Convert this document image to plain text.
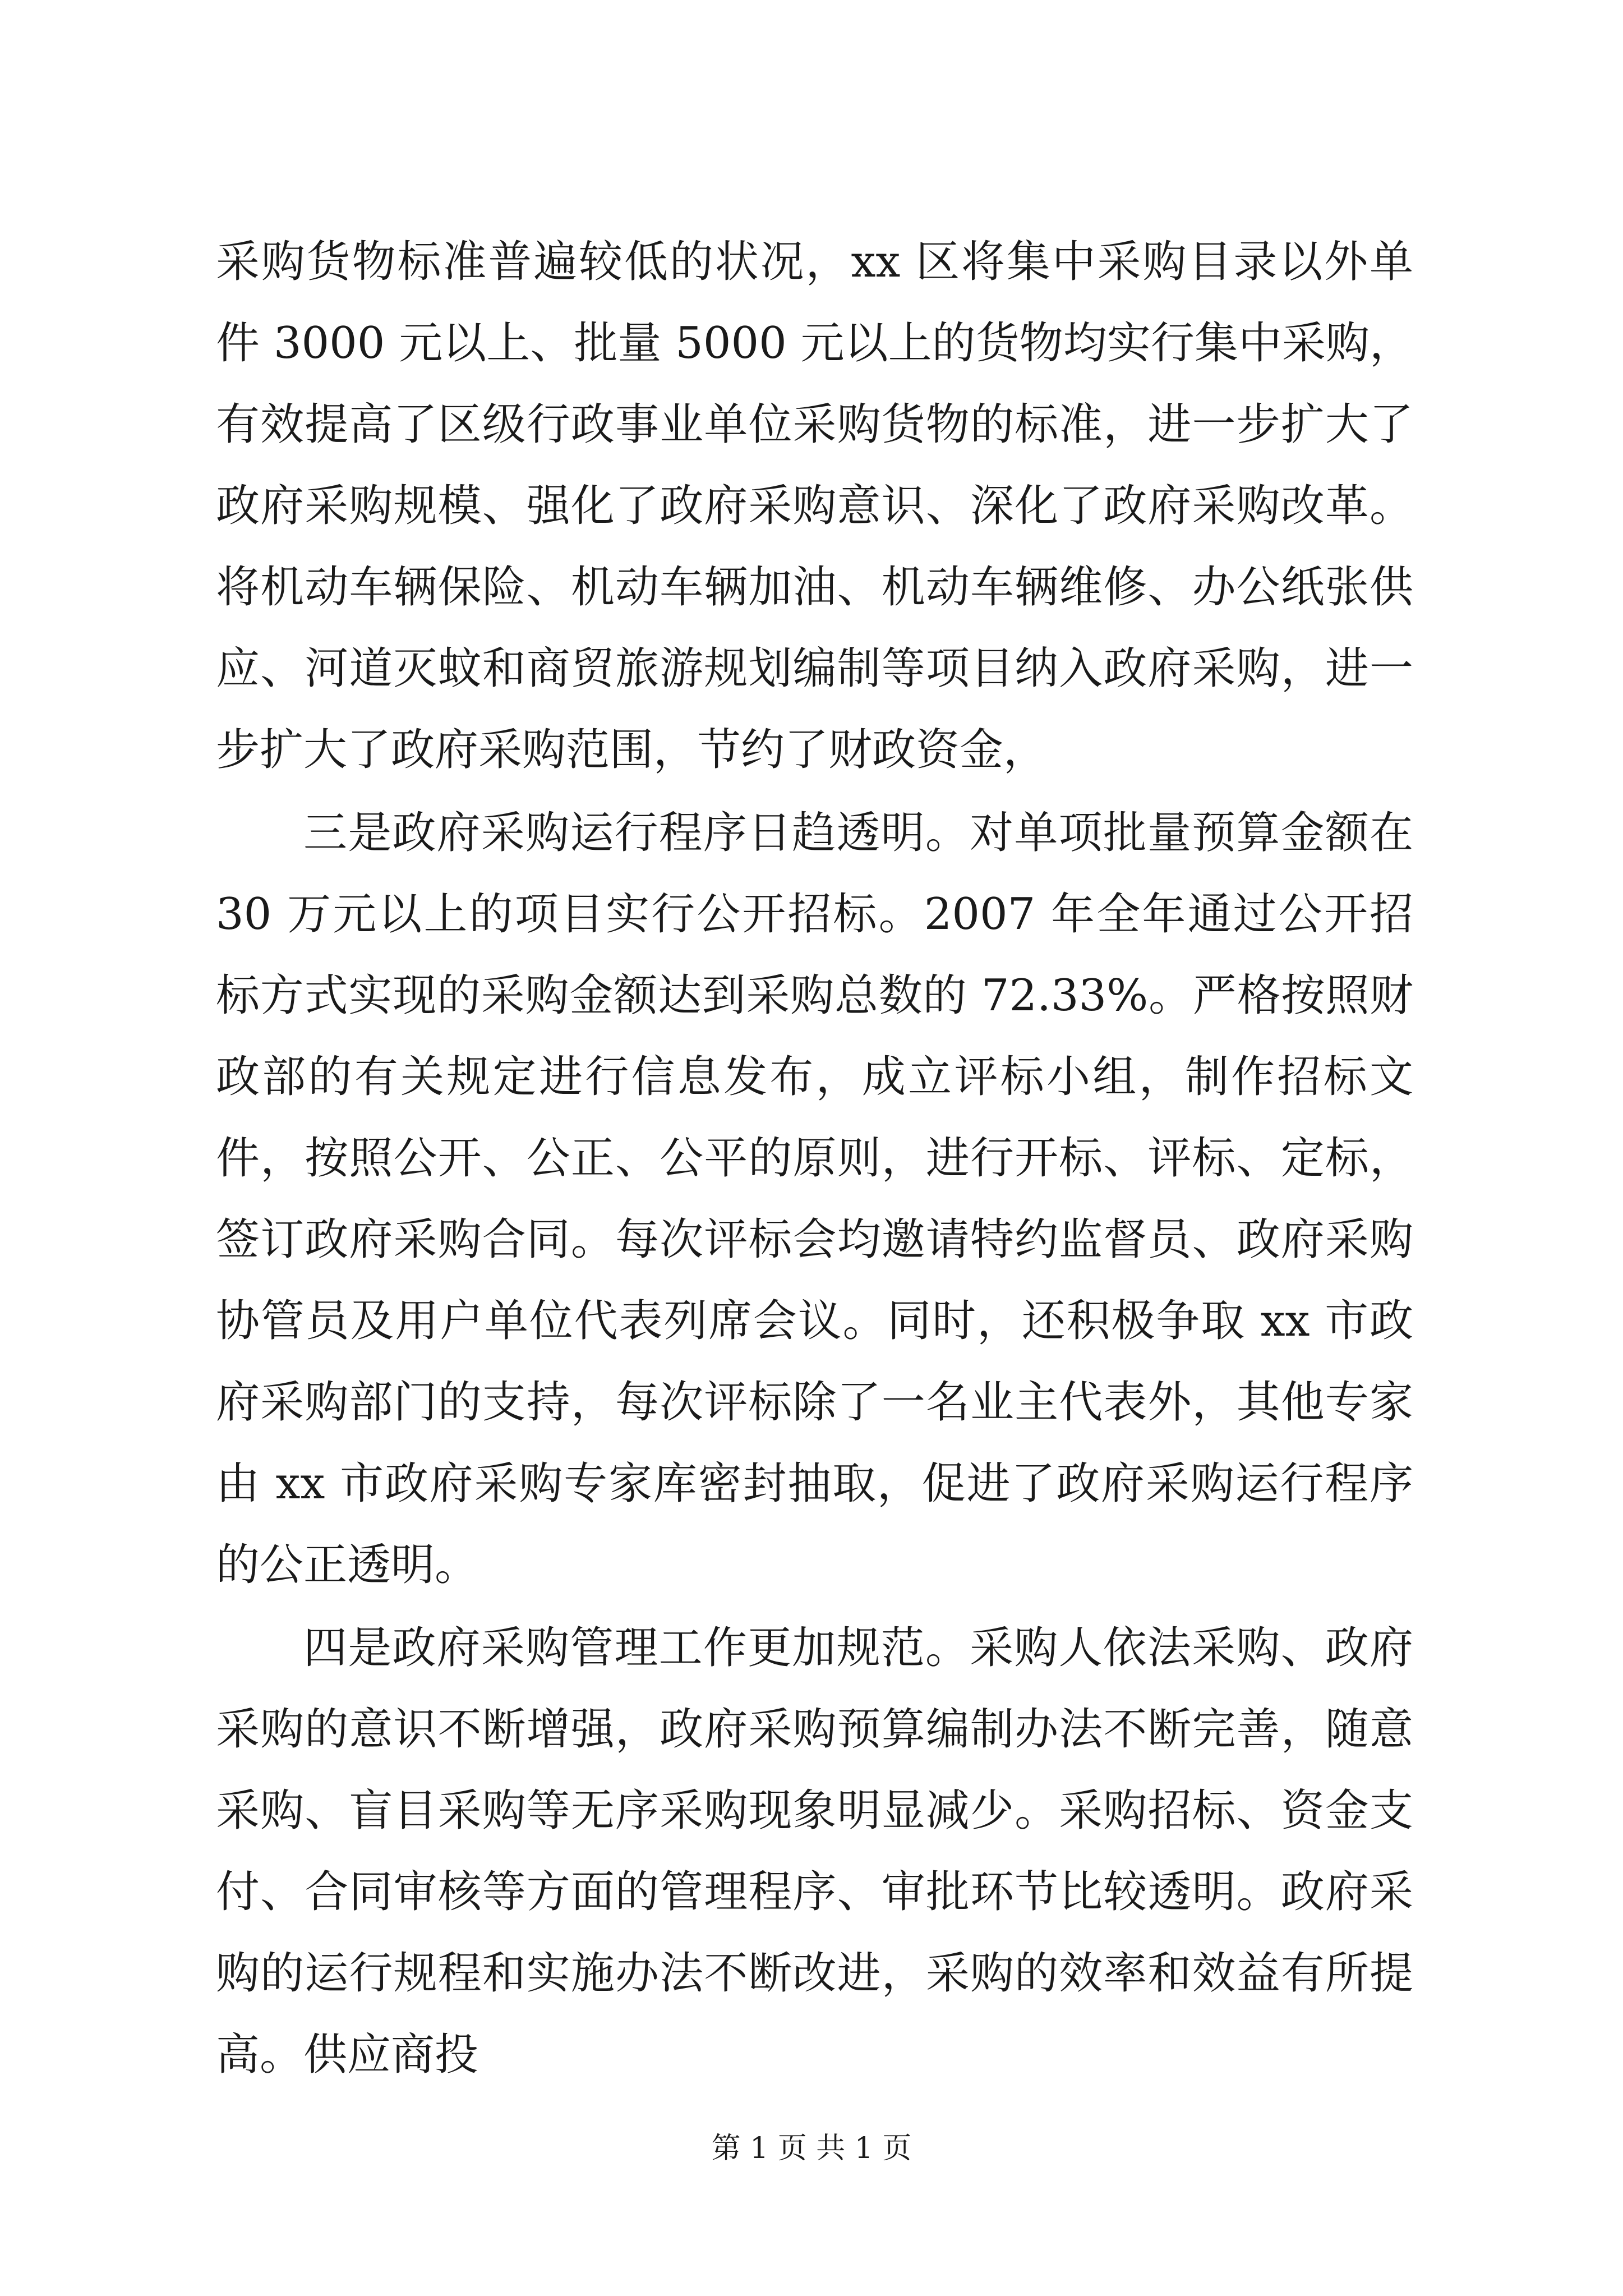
采购货物标准普遍较低的状况，xx 区将集中采购目录以外单件 3000 元以上、批量 5000 元以上的货物均实行集中采购，有效提高了区级行政事业单位采购货物的标准，进一步扩大了政府采购规模、强化了政府采购意识、深化了政府采购改革。将机动车辆保险、机动车辆加油、机动车辆维修、办公纸张供应、河道灭蚊和商贸旅游规划编制等项目纳入政府采购，进一步扩大了政府采购范围，节约了财政资金，

三是政府采购运行程序日趋透明。对单项批量预算金额在 30 万元以上的项目实行公开招标。2007 年全年通过公开招标方式实现的采购金额达到采购总数的 72.33%。严格按照财政部的有关规定进行信息发布，成立评标小组，制作招标文件，按照公开、公正、公平的原则，进行开标、评标、定标，签订政府采购合同。每次评标会均邀请特约监督员、政府采购协管员及用户单位代表列席会议。同时，还积极争取 xx 市政府采购部门的支持，每次评标除了一名业主代表外，其他专家由 xx 市政府采购专家库密封抽取，促进了政府采购运行程序的公正透明。

四是政府采购管理工作更加规范。采购人依法采购、政府采购的意识不断增强，政府采购预算编制办法不断完善，随意采购、盲目采购等无序采购现象明显减少。采购招标、资金支付、合同审核等方面的管理程序、审批环节比较透明。政府采购的运行规程和实施办法不断改进，采购的效率和效益有所提高。供应商投

第 1 页 共 1 页
